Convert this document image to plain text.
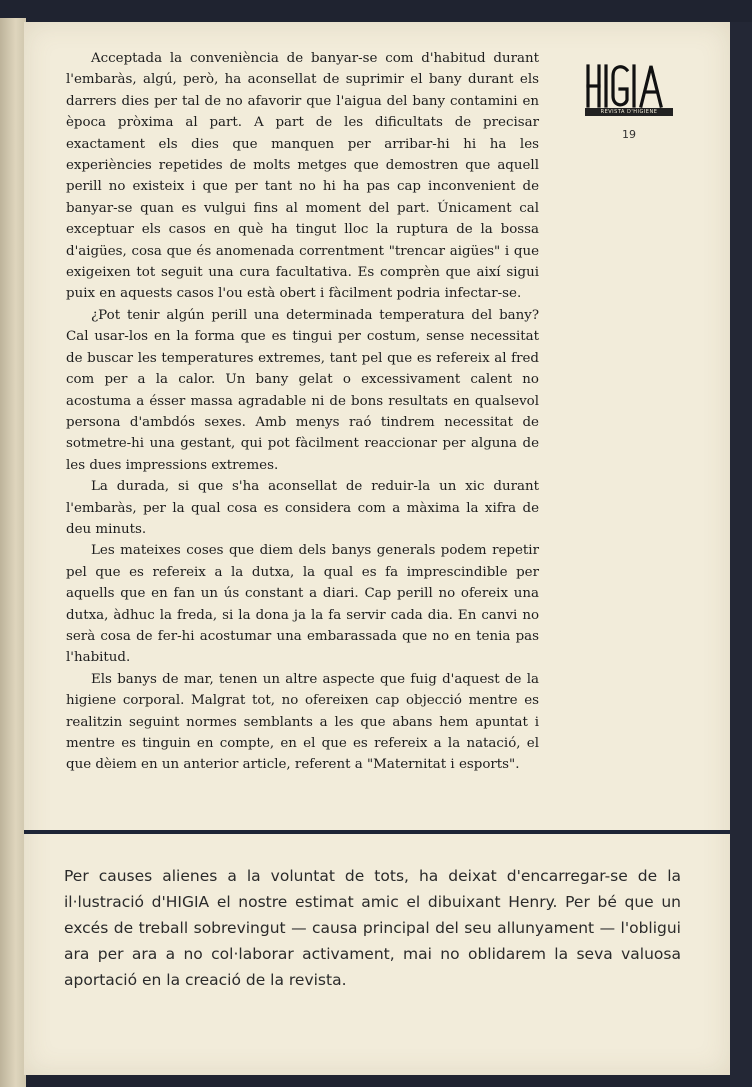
REVISTA D'HIGIENE
19

Acceptada la conveniència de banyar-se com d'habitud durant l'embaràs, algú, però, ha aconsellat de suprimir el bany durant els darrers dies per tal de no afavorir que l'aigua del bany contamini en època pròxima al part. A part de les dificultats de precisar exactament els dies que manquen per arribar-hi hi ha les experiències repetides de molts metges que demostren que aquell perill no existeix i que per tant no hi ha pas cap inconvenient de banyar-se quan es vulgui fins al moment del part. Únicament cal exceptuar els casos en què ha tingut lloc la ruptura de la bossa d'aigües, cosa que és anomenada correntment "trencar aigües" i que exigeixen tot seguit una cura facultativa. Es comprèn que així sigui puix en aquests casos l'ou està obert i fàcilment podria infectar-se.

¿Pot tenir algún perill una determinada temperatura del bany? Cal usar-los en la forma que es tingui per costum, sense necessitat de buscar les temperatures extremes, tant pel que es refereix al fred com per a la calor. Un bany gelat o excessivament calent no acostuma a ésser massa agradable ni de bons resultats en qualsevol persona d'ambdós sexes. Amb menys raó tindrem necessitat de sotmetre-hi una gestant, qui pot fàcilment reaccionar per alguna de les dues impressions extremes.

La durada, si que s'ha aconsellat de reduir-la un xic durant l'embaràs, per la qual cosa es considera com a màxima la xifra de deu minuts.

Les mateixes coses que diem dels banys generals podem repetir pel que es refereix a la dutxa, la qual es fa imprescindible per aquells que en fan un ús constant a diari. Cap perill no ofereix una dutxa, àdhuc la freda, si la dona ja la fa servir cada dia. En canvi no serà cosa de fer-hi acostumar una embarassada que no en tenia pas l'habitud.

Els banys de mar, tenen un altre aspecte que fuig d'aquest de la higiene corporal. Malgrat tot, no ofereixen cap objecció mentre es realitzin seguint normes semblants a les que abans hem apuntat i mentre es tinguin en compte, en el que es refereix a la natació, el que dèiem en un anterior article, referent a "Maternitat i esports".

Per causes alienes a la voluntat de tots, ha deixat d'encarregar-se de la il·lustració d'HIGIA el nostre estimat amic el dibuixant Henry. Per bé que un excés de treball sobrevingut — causa principal del seu allunyament — l'obligui ara per ara a no col·laborar activament, mai no oblidarem la seva valuosa aportació en la creació de la revista.
